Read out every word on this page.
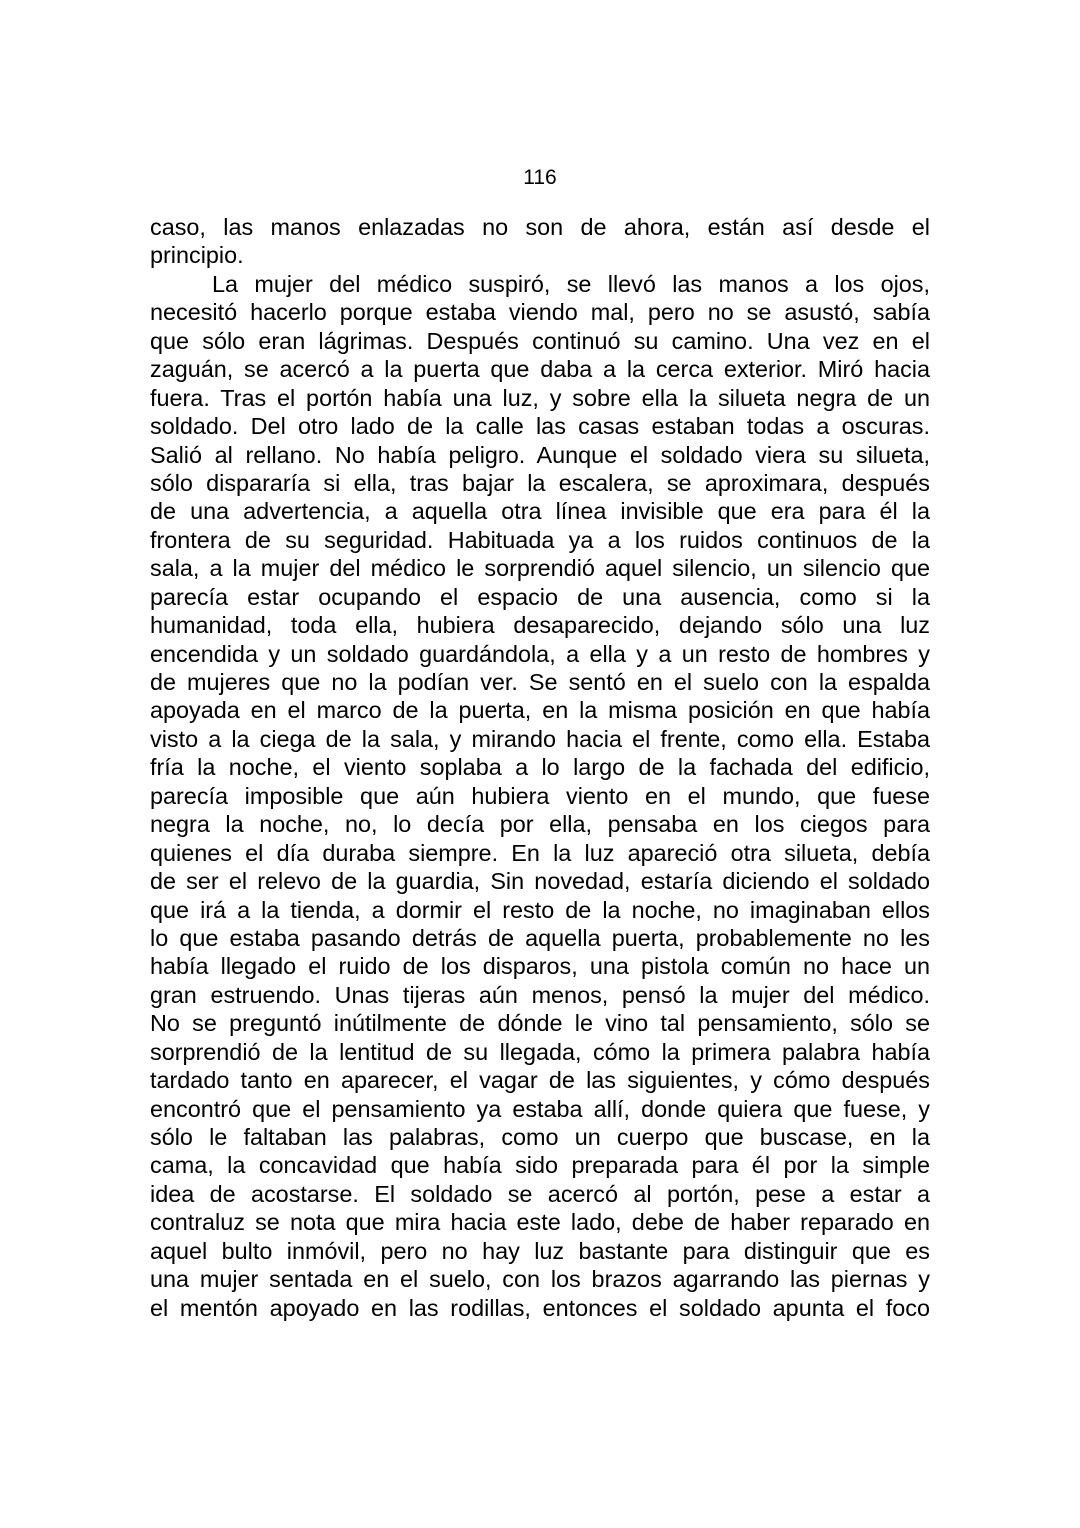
116
caso, las manos enlazadas no son de ahora, están así desde el
principio.
La mujer del médico suspiró, se llevó las manos a los ojos,
necesitó hacerlo porque estaba viendo mal, pero no se asustó, sabía
que sólo eran lágrimas. Después continuó su camino. Una vez en el
zaguán, se acercó a la puerta que daba a la cerca exterior. Miró hacia
fuera. Tras el portón había una luz, y sobre ella la silueta negra de un
soldado. Del otro lado de la calle las casas estaban todas a oscuras.
Salió al rellano. No había peligro. Aunque el soldado viera su silueta,
sólo dispararía si ella, tras bajar la escalera, se aproximara, después
de una advertencia, a aquella otra línea invisible que era para él la
frontera de su seguridad. Habituada ya a los ruidos continuos de la
sala, a la mujer del médico le sorprendió aquel silencio, un silencio que
parecía estar ocupando el espacio de una ausencia, como si la
humanidad, toda ella, hubiera desaparecido, dejando sólo una luz
encendida y un soldado guardándola, a ella y a un resto de hombres y
de mujeres que no la podían ver. Se sentó en el suelo con la espalda
apoyada en el marco de la puerta, en la misma posición en que había
visto a la ciega de la sala, y mirando hacia el frente, como ella. Estaba
fría la noche, el viento soplaba a lo largo de la fachada del edificio,
parecía imposible que aún hubiera viento en el mundo, que fuese
negra la noche, no, lo decía por ella, pensaba en los ciegos para
quienes el día duraba siempre. En la luz apareció otra silueta, debía
de ser el relevo de la guardia, Sin novedad, estaría diciendo el soldado
que irá a la tienda, a dormir el resto de la noche, no imaginaban ellos
lo que estaba pasando detrás de aquella puerta, probablemente no les
había llegado el ruido de los disparos, una pistola común no hace un
gran estruendo. Unas tijeras aún menos, pensó la mujer del médico.
No se preguntó inútilmente de dónde le vino tal pensamiento, sólo se
sorprendió de la lentitud de su llegada, cómo la primera palabra había
tardado tanto en aparecer, el vagar de las siguientes, y cómo después
encontró que el pensamiento ya estaba allí, donde quiera que fuese, y
sólo le faltaban las palabras, como un cuerpo que buscase, en la
cama, la concavidad que había sido preparada para él por la simple
idea de acostarse. El soldado se acercó al portón, pese a estar a
contraluz se nota que mira hacia este lado, debe de haber reparado en
aquel bulto inmóvil, pero no hay luz bastante para distinguir que es
una mujer sentada en el suelo, con los brazos agarrando las piernas y
el mentón apoyado en las rodillas, entonces el soldado apunta el foco
